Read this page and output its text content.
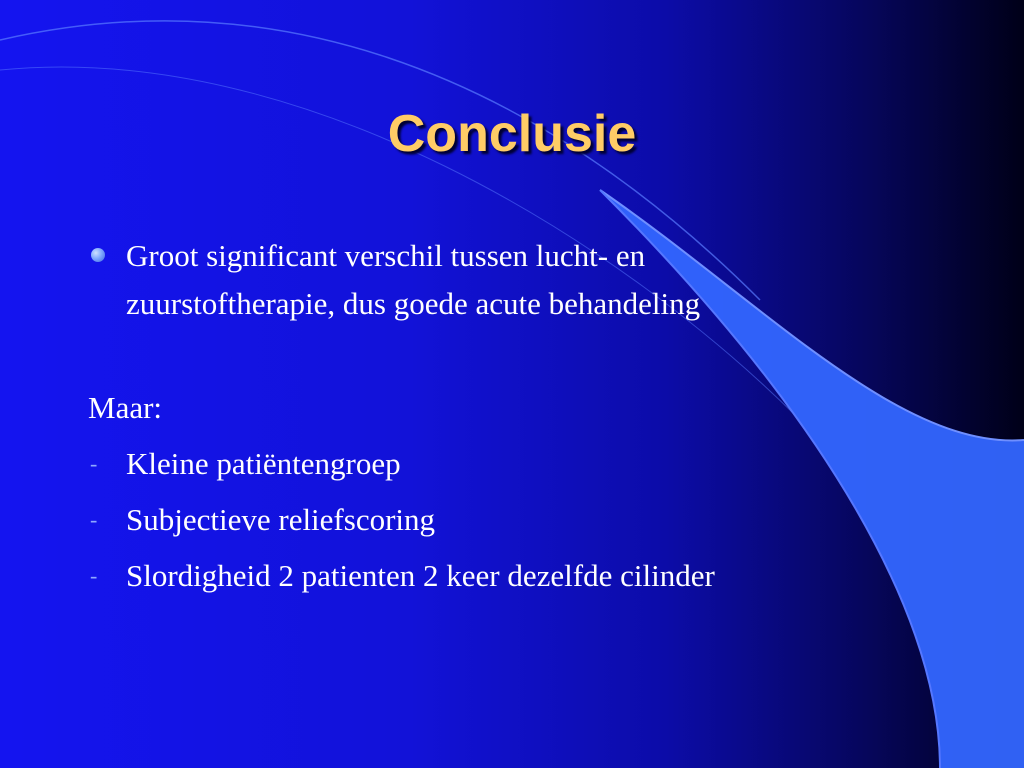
Conclusie
Groot significant verschil tussen lucht- en
zuurstoftherapie, dus goede acute behandeling

Maar:

- Kleine patiëntengroep
- Subjectieve reliefscoring
- Slordigheid 2 patienten 2 keer dezelfde cilinder
